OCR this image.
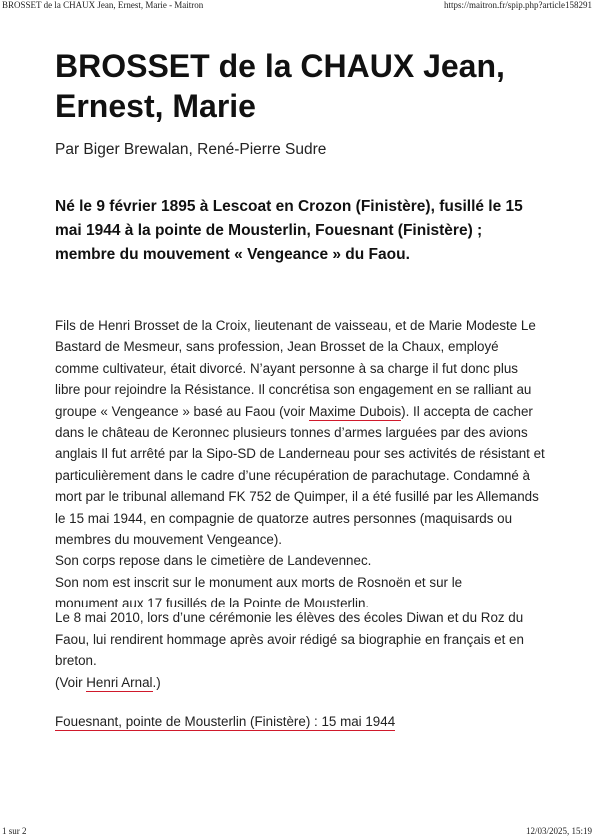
BROSSET de la CHAUX Jean, Ernest, Marie - Maitron	https://maitron.fr/spip.php?article158291
BROSSET de la CHAUX Jean, Ernest, Marie
Par Biger Brewalan, René-Pierre Sudre
Né le 9 février 1895 à Lescoat en Crozon (Finistère), fusillé le 15 mai 1944 à la pointe de Mousterlin, Fouesnant (Finistère) ; membre du mouvement « Vengeance » du Faou.

Fils de Henri Brosset de la Croix, lieutenant de vaisseau, et de Marie Modeste Le Bastard de Mesmeur, sans profession, Jean Brosset de la Chaux, employé comme cultivateur, était divorcé. N’ayant personne à sa charge il fut donc plus libre pour rejoindre la Résistance. Il concrétisa son engagement en se ralliant au groupe « Vengeance » basé au Faou (voir Maxime Dubois). Il accepta de cacher dans le château de Keronnec plusieurs tonnes d’armes larguées par des avions anglais Il fut arrêté par la Sipo-SD de Landerneau pour ses activités de résistant et particulièrement dans le cadre d’une récupération de parachutage. Condamné à mort par le tribunal allemand FK 752 de Quimper, il a été fusillé par les Allemands le 15 mai 1944, en compagnie de quatorze autres personnes (maquisards ou membres du mouvement Vengeance).

Son corps repose dans le cimetière de Landevennec.

Son nom est inscrit sur le monument aux morts de Rosnoën et sur le

monument aux 17 fusillés de la Pointe de Mousterlin.

Le 8 mai 2010, lors d’une cérémonie les élèves des écoles Diwan et du Roz du Faou, lui rendirent hommage après avoir rédigé sa biographie en français et en breton.

(Voir Henri Arnal.)

Fouesnant, pointe de Mousterlin (Finistère) : 15 mai 1944
1 sur 2	12/03/2025, 15:19
